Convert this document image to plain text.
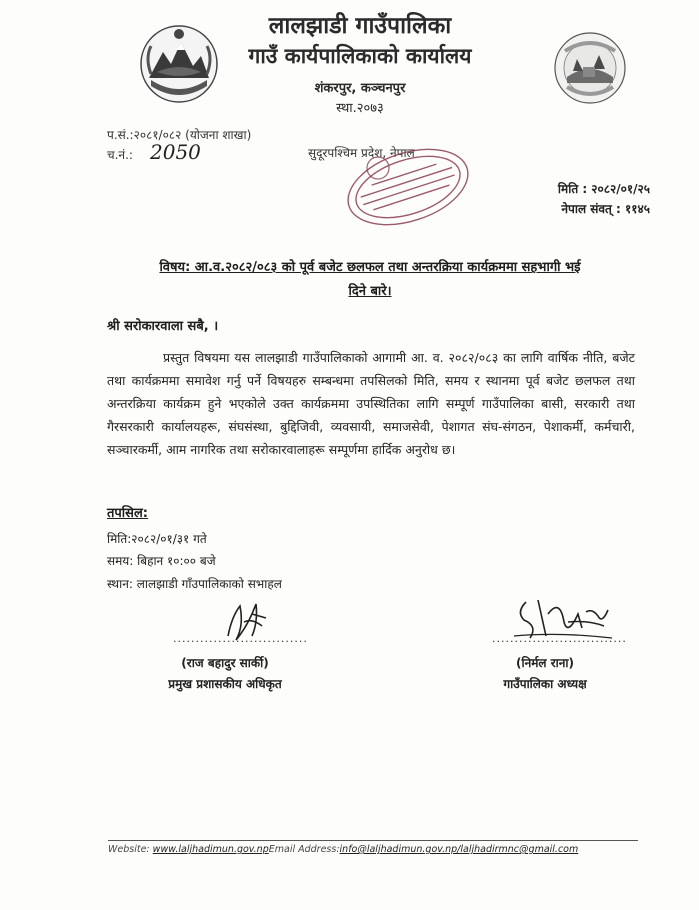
लालझाडी गाउँपालिका
गाउँ कार्यपालिकाको कार्यालय
शंकरपुर, कञ्चनपुर
स्था.२०७३
प.सं.:२०८१/०८२ (योजना शाखा)
च.नं.: 2050	सुदूरपश्चिम प्रदेश, नेपाल
मिति : २०८२/०१/२५
नेपाल संवत् : ११४५
विषय: आ.व.२०८२/०८३ को पूर्व बजेट छलफल तथा अन्तरक्रिया कार्यक्रममा सहभागी भई
दिने बारे।
श्री सरोकारवाला सबै, ।
प्रस्तुत विषयमा यस लालझाडी गाउँपालिकाको आगामी आ. व. २०८२/०८३ का लागि वार्षिक नीति, बजेट तथा कार्यक्रममा समावेश गर्नु पर्ने विषयहरु सम्बन्धमा तपसिलको मिति, समय र स्थानमा पूर्व बजेट छलफल तथा अन्तरक्रिया कार्यक्रम हुने भएकोले उक्त कार्यक्रममा उपस्थितिका लागि सम्पूर्ण गाउँपालिका बासी, सरकारी तथा गैरसरकारी कार्यालयहरू, संघसंस्था, बुद्दिजिवी, व्यवसायी, समाजसेवी, पेशागत संघ-संगठन, पेशाकर्मी, कर्मचारी, सञ्चारकर्मी, आम नागरिक तथा सरोकारवालाहरू सम्पूर्णमा हार्दिक अनुरोध छ।
तपसिल:
मिति:२०८२/०१/३१ गते
समय: बिहान १०:०० बजे
स्थान: लालझाडी गाँउपालिकाको सभाहल
..............................	..............................
(राज बहादुर सार्की)
प्रमुख प्रशासकीय अधिकृत
(निर्मल राना)
गाउँपालिका अध्यक्ष
Website: www.laljhadimun.gov.npEmail Address:info@laljhadimun.gov.np/laljhadirmnc@gmail.com
